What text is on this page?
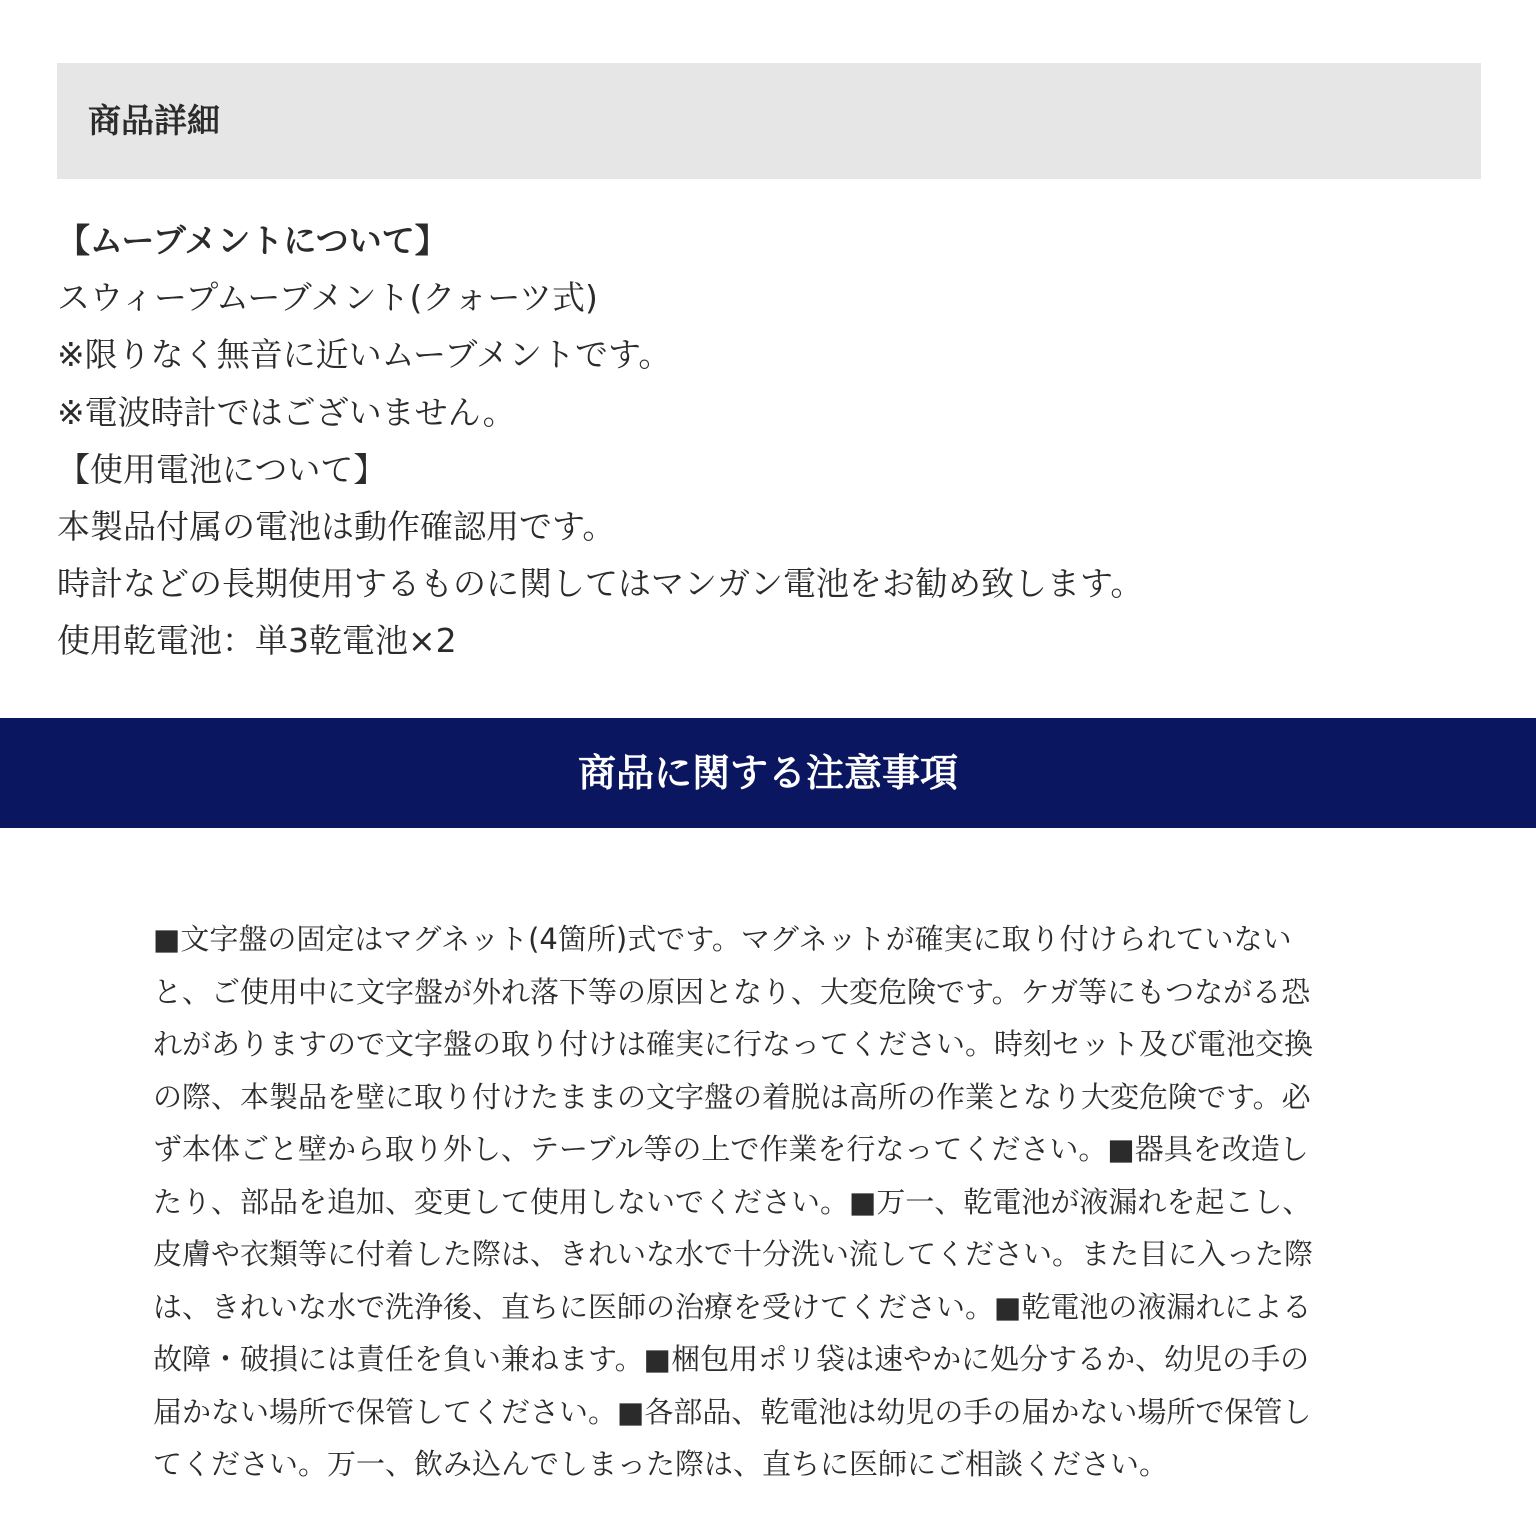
商品詳細
【ムーブメントについて】
スウィープムーブメント(クォーツ式)
※限りなく無音に近いムーブメントです。
※電波時計ではございません。
【使用電池について】
本製品付属の電池は動作確認用です。
時計などの長期使用するものに関してはマンガン電池をお勧め致します。
使用乾電池：単3乾電池×2
商品に関する注意事項
■文字盤の固定はマグネット(4箇所)式です。マグネットが確実に取り付けられていない
と、ご使用中に文字盤が外れ落下等の原因となり、大変危険です。ケガ等にもつながる恐
れがありますので文字盤の取り付けは確実に行なってください。時刻セット及び電池交換
の際、本製品を壁に取り付けたままの文字盤の着脱は高所の作業となり大変危険です。必
ず本体ごと壁から取り外し、テーブル等の上で作業を行なってください。■器具を改造し
たり、部品を追加、変更して使用しないでください。■万一、乾電池が液漏れを起こし、
皮膚や衣類等に付着した際は、きれいな水で十分洗い流してください。また目に入った際
は、きれいな水で洗浄後、直ちに医師の治療を受けてください。■乾電池の液漏れによる
故障・破損には責任を負い兼ねます。■梱包用ポリ袋は速やかに処分するか、幼児の手の
届かない場所で保管してください。■各部品、乾電池は幼児の手の届かない場所で保管し
てください。万一、飲み込んでしまった際は、直ちに医師にご相談ください。
